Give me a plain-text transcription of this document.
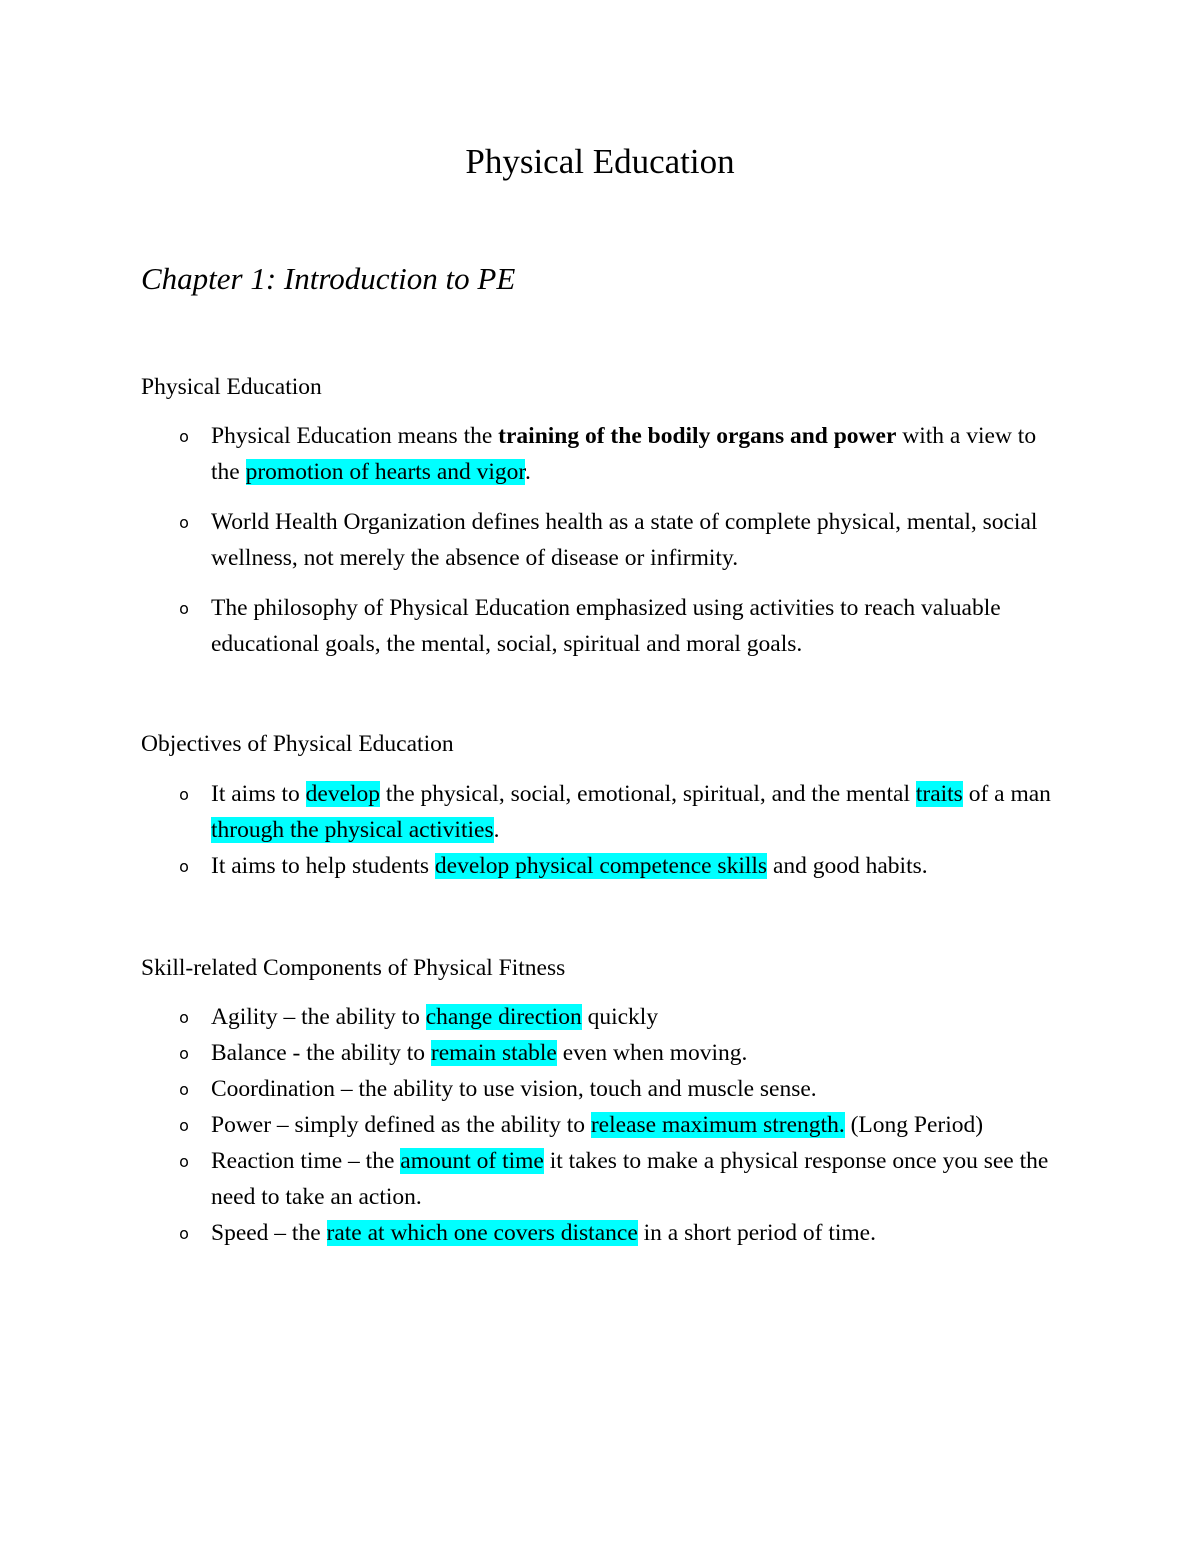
Physical Education
Chapter 1: Introduction to PE
Physical Education
o Physical Education means the training of the bodily organs and power with a view to the promotion of hearts and vigor.
o World Health Organization defines health as a state of complete physical, mental, social wellness, not merely the absence of disease or infirmity.
o The philosophy of Physical Education emphasized using activities to reach valuable educational goals, the mental, social, spiritual and moral goals.
Objectives of Physical Education
o It aims to develop the physical, social, emotional, spiritual, and the mental traits of a man through the physical activities.
o It aims to help students develop physical competence skills and good habits.
Skill-related Components of Physical Fitness
o Agility – the ability to change direction quickly
o Balance - the ability to remain stable even when moving.
o Coordination – the ability to use vision, touch and muscle sense.
o Power – simply defined as the ability to release maximum strength. (Long Period)
o Reaction time – the amount of time it takes to make a physical response once you see the need to take an action.
o Speed – the rate at which one covers distance in a short period of time.
